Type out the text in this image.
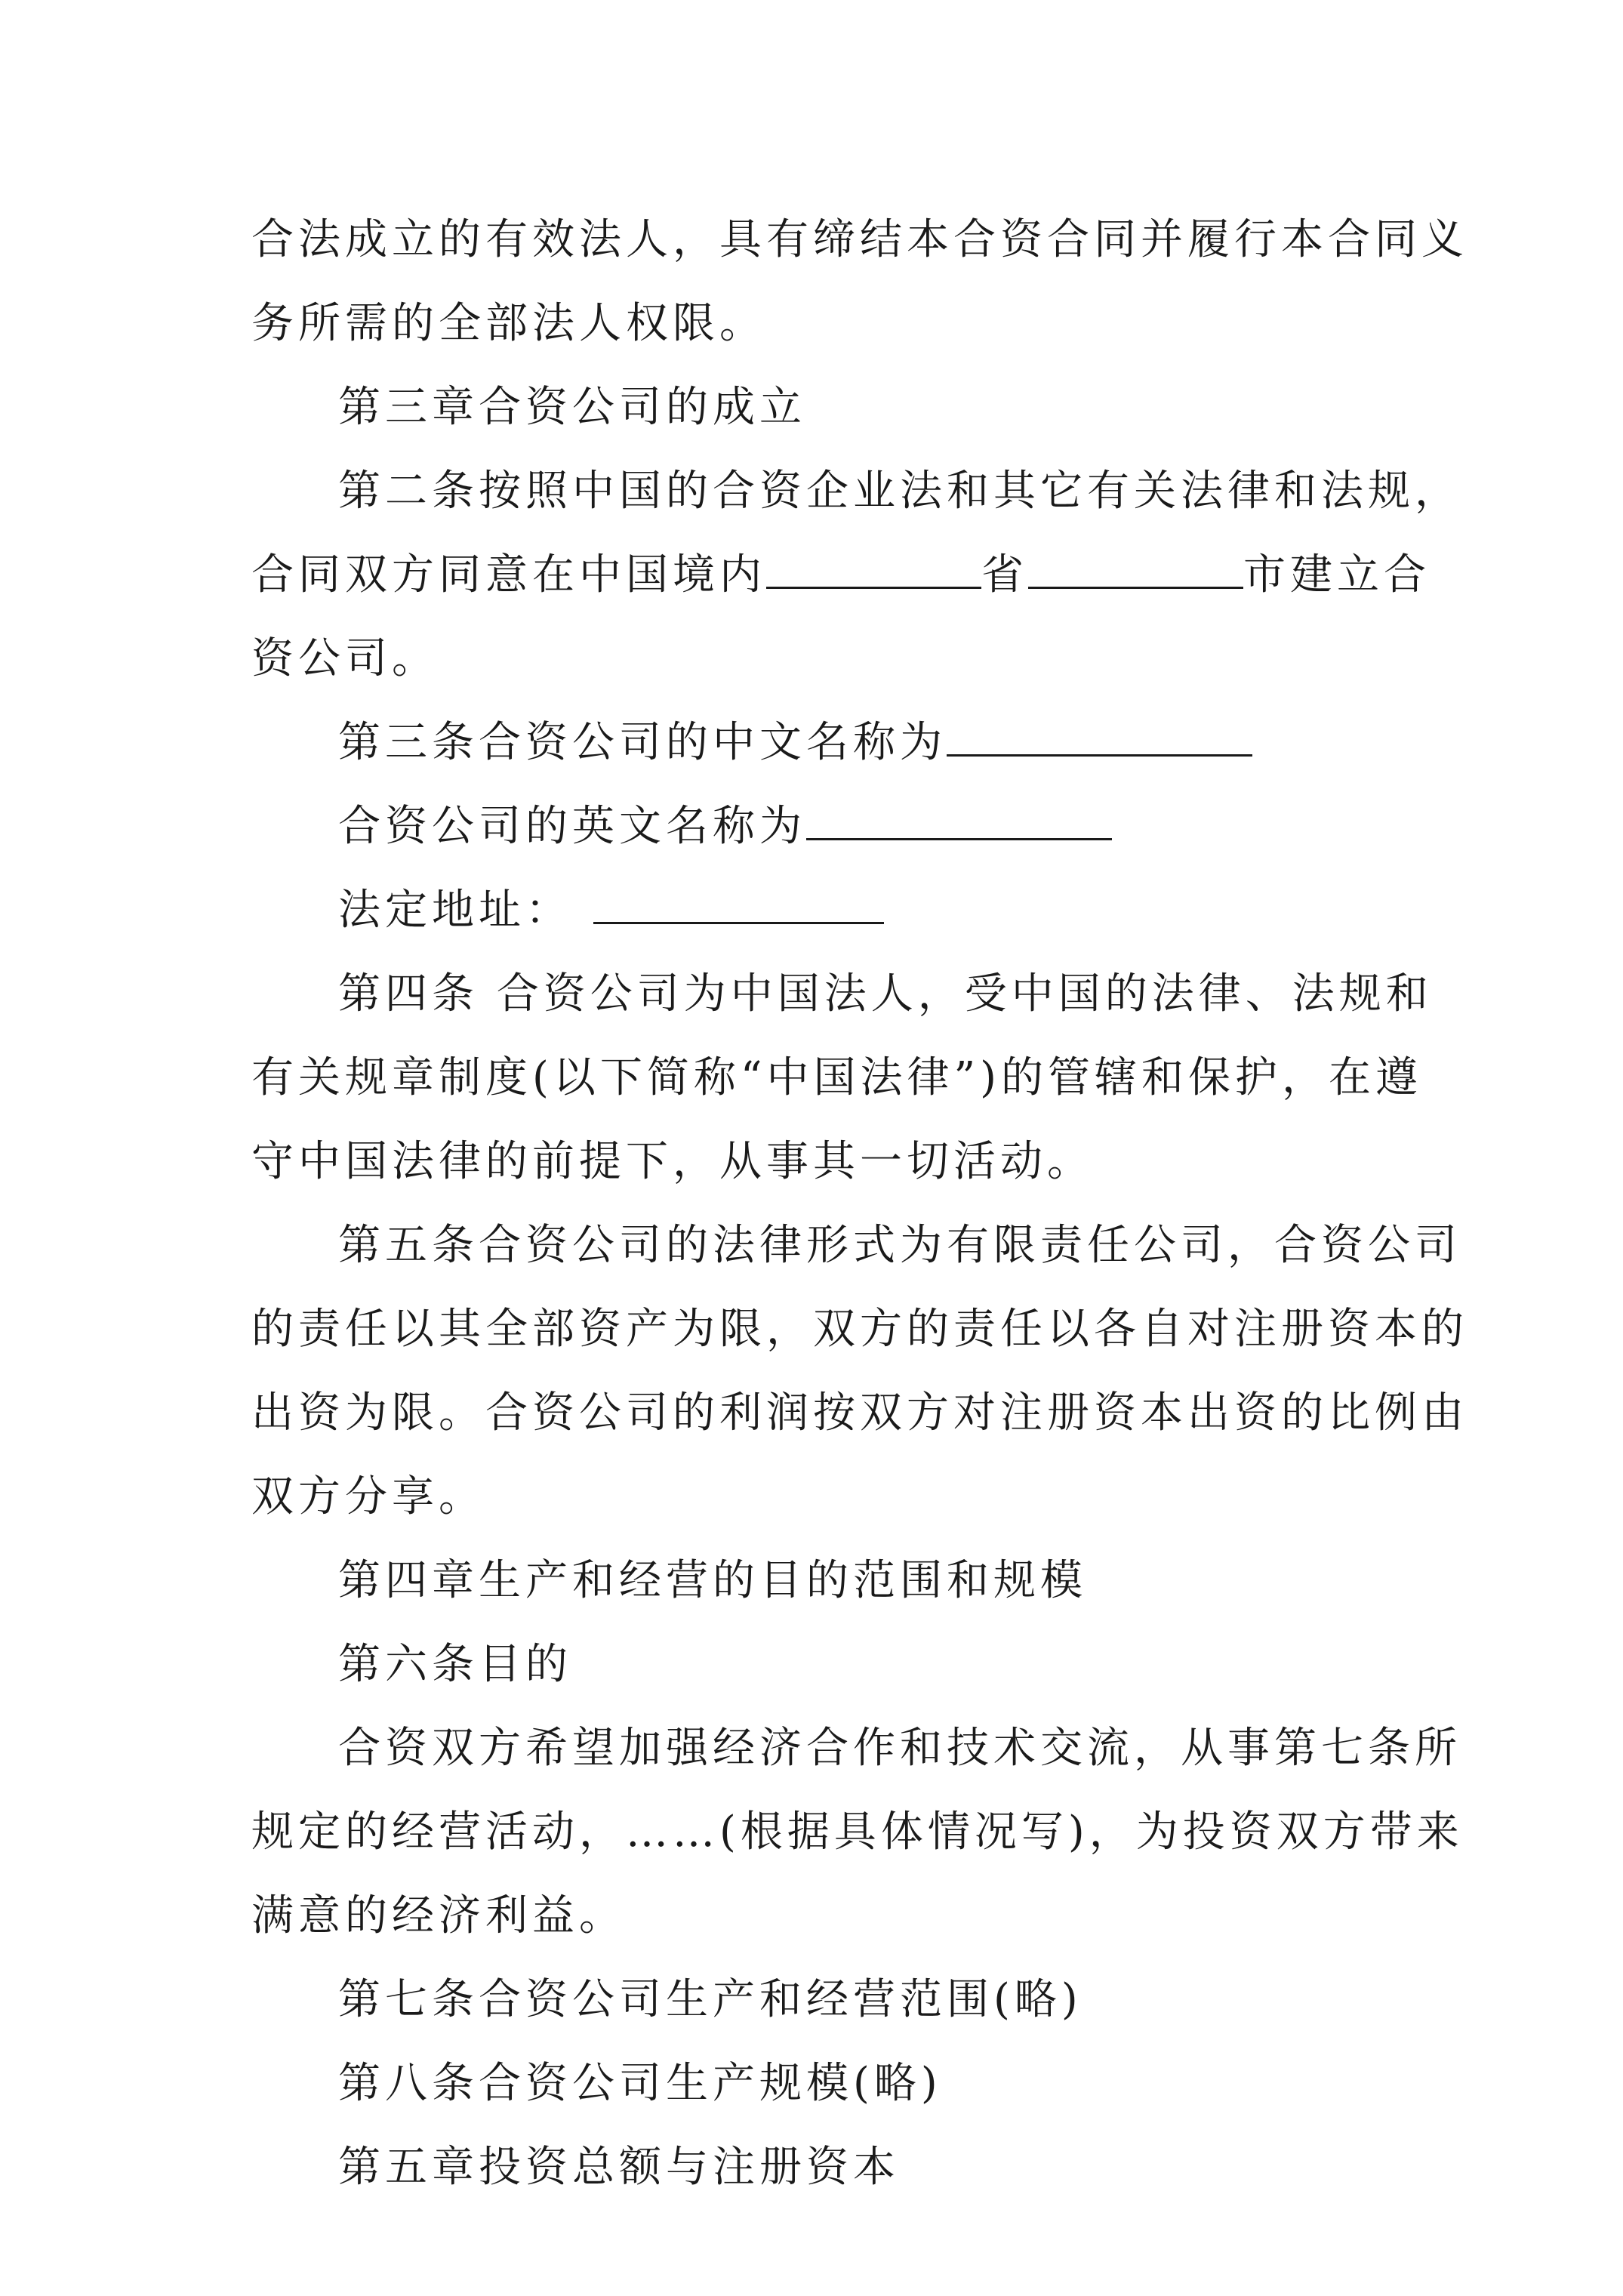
合法成立的有效法人，具有缔结本合资合同并履行本合同义
务所需的全部法人权限。
第三章合资公司的成立
第二条按照中国的合资企业法和其它有关法律和法规，
合同双方同意在中国境内	省	市建立合
资公司。
第三条合资公司的中文名称为
合资公司的英文名称为
法定地址：
第四条 合资公司为中国法人，受中国的法律、法规和
有关规章制度(以下简称“中国法律”)的管辖和保护，在遵
守中国法律的前提下，从事其一切活动。
第五条合资公司的法律形式为有限责任公司，合资公司
的责任以其全部资产为限，双方的责任以各自对注册资本的
出资为限。合资公司的利润按双方对注册资本出资的比例由
双方分享。
第四章生产和经营的目的范围和规模
第六条目的
合资双方希望加强经济合作和技术交流，从事第七条所
规定的经营活动，……(根据具体情况写)，为投资双方带来
满意的经济利益。
第七条合资公司生产和经营范围(略)
第八条合资公司生产规模(略)
第五章投资总额与注册资本
